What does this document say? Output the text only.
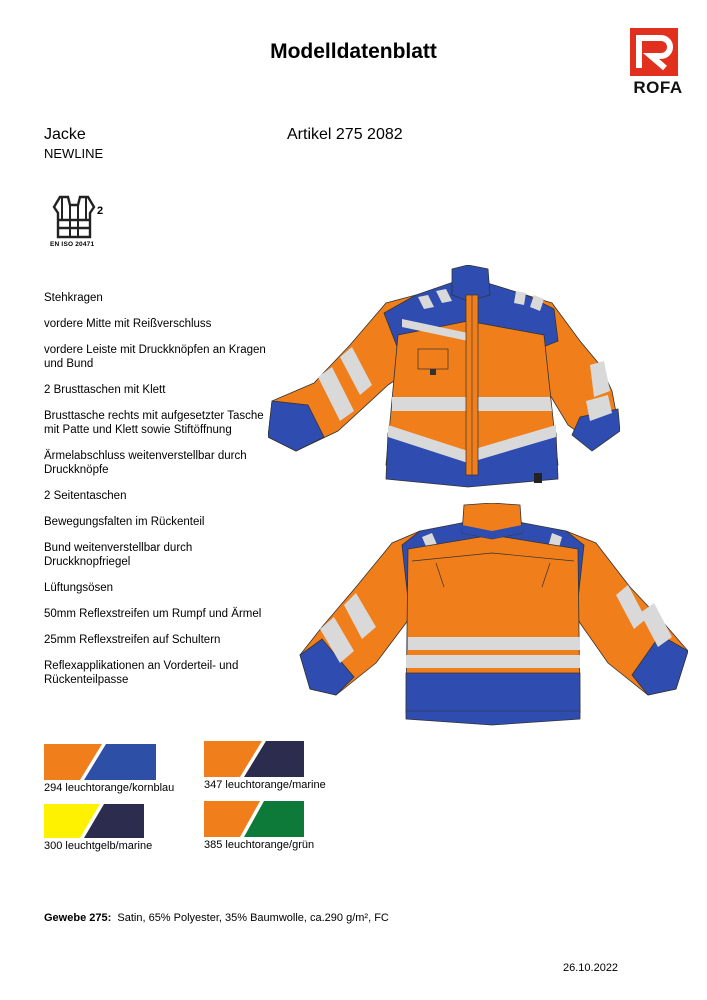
Modelldatenblatt
ROFA
Jacke
NEWLINE
Artikel 275 2082
2
EN ISO 20471
Stehkragen
vordere Mitte mit Reißverschluss
vordere Leiste mit Druckknöpfen an Kragen und Bund
2 Brusttaschen mit Klett
Brusttasche rechts mit aufgesetzter Tasche mit Patte und Klett sowie Stiftöffnung
Ärmelabschluss weitenverstellbar durch Druckknöpfe
2 Seitentaschen
Bewegungsfalten im Rückenteil
Bund weitenverstellbar durch Druckknopfriegel
Lüftungsösen
50mm Reflexstreifen um Rumpf und Ärmel
25mm Reflexstreifen auf Schultern
Reflexapplikationen an Vorderteil- und Rückenteilpasse
294 leuchtorange/kornblau	347 leuchtorange/marine
300 leuchtgelb/marine	385 leuchtorange/grün
Gewebe 275: Satin, 65% Polyester, 35% Baumwolle, ca.290 g/m², FC
26.10.2022
